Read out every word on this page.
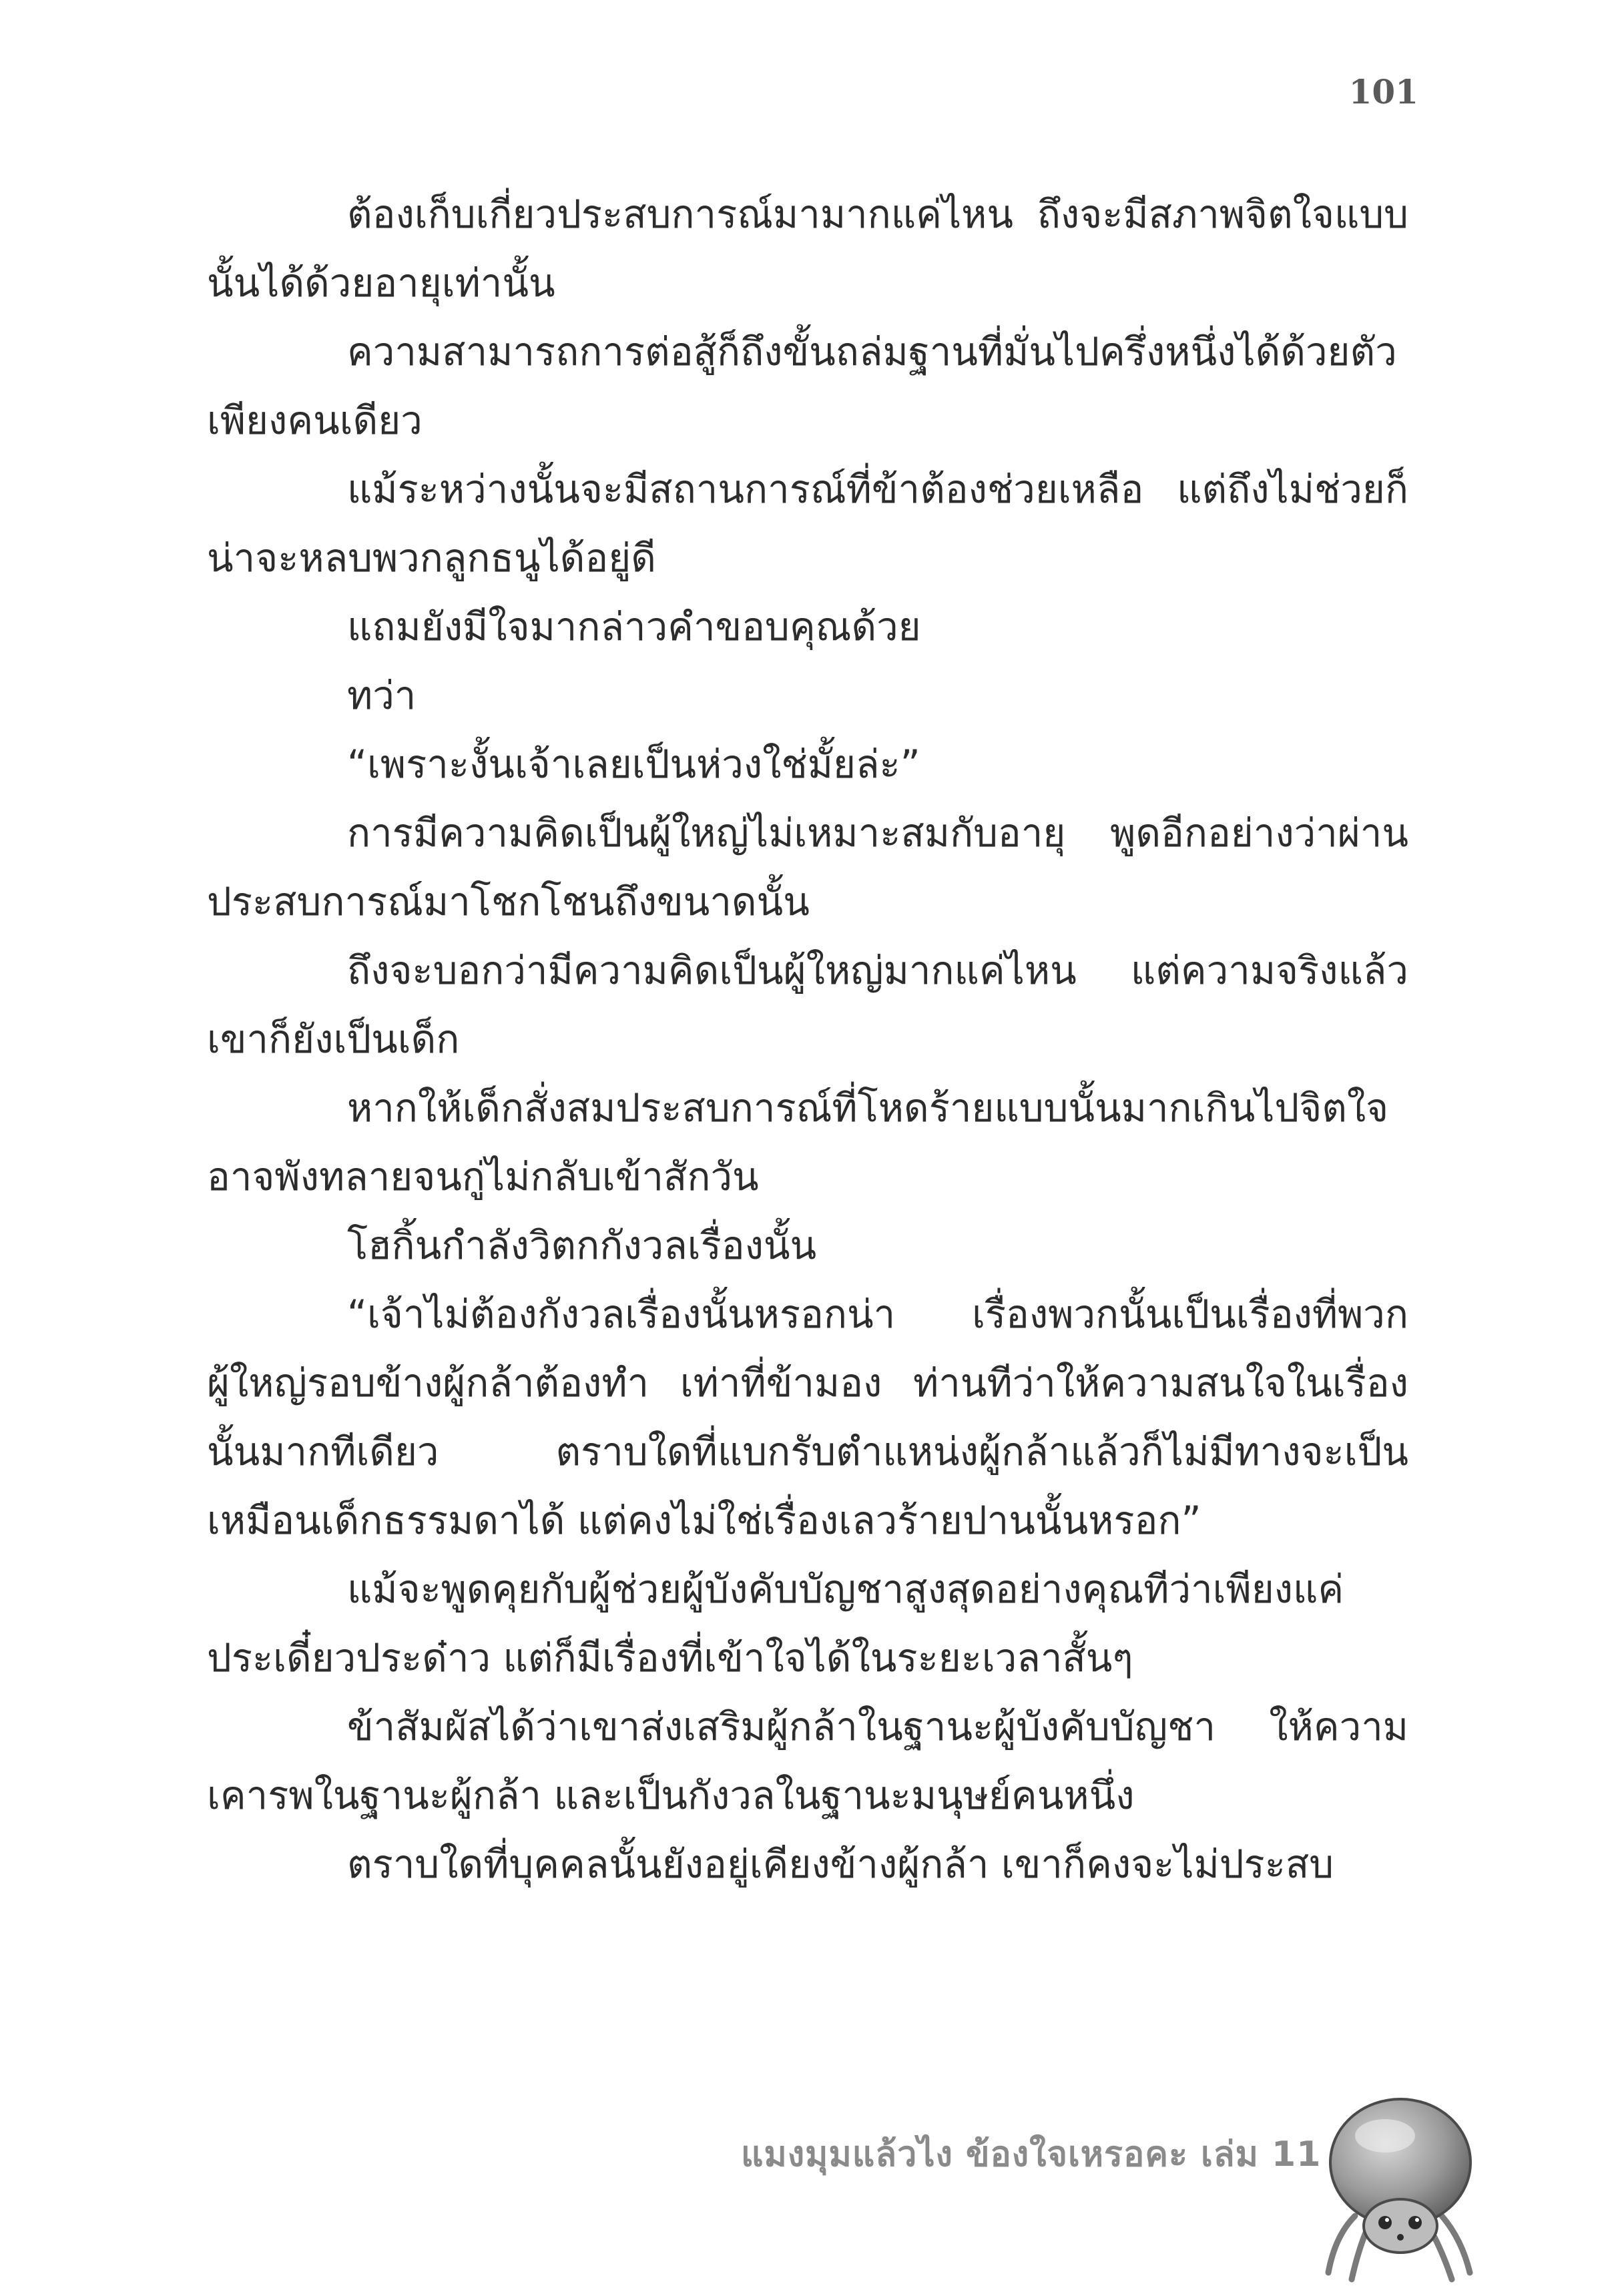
101

ต้องเก็บเกี่ยวประสบการณ์มามากแค่ไหน ถึงจะมีสภาพจิตใจแบบนั้นได้ด้วยอายุเท่านั้น

ความสามารถการต่อสู้ก็ถึงขั้นถล่มฐานที่มั่นไปครึ่งหนึ่งได้ด้วยตัวเพียงคนเดียว

แม้ระหว่างนั้นจะมีสถานการณ์ที่ข้าต้องช่วยเหลือ แต่ถึงไม่ช่วยก็น่าจะหลบพวกลูกธนูได้อยู่ดี

แถมยังมีใจมากล่าวคำขอบคุณด้วย

ทว่า

“เพราะงั้นเจ้าเลยเป็นห่วงใช่มั้ยล่ะ”

การมีความคิดเป็นผู้ใหญ่ไม่เหมาะสมกับอายุ พูดอีกอย่างว่าผ่านประสบการณ์มาโชกโชนถึงขนาดนั้น

ถึงจะบอกว่ามีความคิดเป็นผู้ใหญ่มากแค่ไหน แต่ความจริงแล้วเขาก็ยังเป็นเด็ก

หากให้เด็กสั่งสมประสบการณ์ที่โหดร้ายแบบนั้นมากเกินไปจิตใจอาจพังทลายจนกู่ไม่กลับเข้าสักวัน

โฮกิ้นกำลังวิตกกังวลเรื่องนั้น

“เจ้าไม่ต้องกังวลเรื่องนั้นหรอกน่า เรื่องพวกนั้นเป็นเรื่องที่พวกผู้ใหญ่รอบข้างผู้กล้าต้องทำ เท่าที่ข้ามอง ท่านทีว่าให้ความสนใจในเรื่องนั้นมากทีเดียว ตราบใดที่แบกรับตำแหน่งผู้กล้าแล้วก็ไม่มีทางจะเป็นเหมือนเด็กธรรมดาได้ แต่คงไม่ใช่เรื่องเลวร้ายปานนั้นหรอก”

แม้จะพูดคุยกับผู้ช่วยผู้บังคับบัญชาสูงสุดอย่างคุณทีว่าเพียงแค่ประเดี๋ยวประด๋าว แต่ก็มีเรื่องที่เข้าใจได้ในระยะเวลาสั้นๆ

ข้าสัมผัสได้ว่าเขาส่งเสริมผู้กล้าในฐานะผู้บังคับบัญชา ให้ความเคารพในฐานะผู้กล้า และเป็นกังวลในฐานะมนุษย์คนหนึ่ง

ตราบใดที่บุคคลนั้นยังอยู่เคียงข้างผู้กล้า เขาก็คงจะไม่ประสบ

แมงมุมแล้วไง ข้องใจเหรอคะ เล่ม 11
